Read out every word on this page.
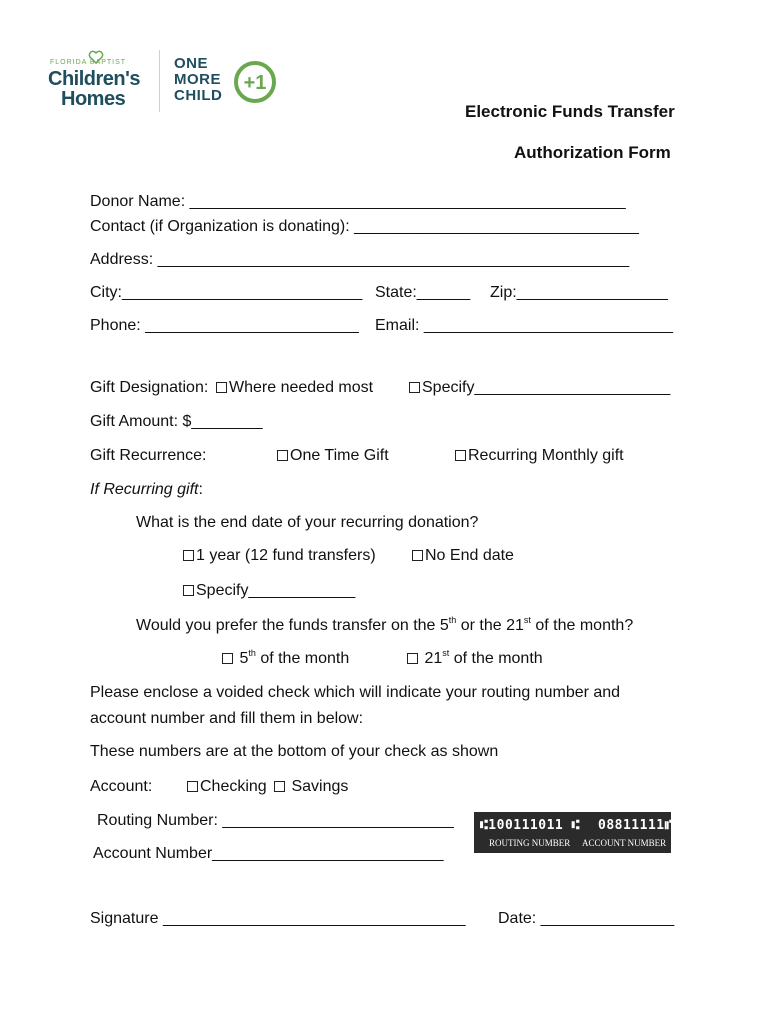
FLORIDA BAPTIST
Children's
Homes
ONE
MORE
CHILD
+1
Electronic Funds Transfer
Authorization Form
Donor Name: _________________________________________________
Contact (if Organization is donating): ________________________________
Address: _____________________________________________________
City:___________________________ State:______ Zip:_________________
Phone: ________________________ Email: ____________________________
Gift Designation:	Where needed most	Specify______________________
Gift Amount: $________
Gift Recurrence:	One Time Gift	Recurring Monthly gift
If Recurring gift:
What is the end date of your recurring donation?
1 year (12 fund transfers)	No End date
Specify____________
Would you prefer the funds transfer on the 5th or the 21st of the month?
5th of the month	21st of the month
Please enclose a voided check which will indicate your routing number and
account number and fill them in below:
These numbers are at the bottom of your check as shown
Account:	Checking	Savings
Routing Number: __________________________
Account Number__________________________
⑆100111011 ⑆ 08811111⑈
ROUTING NUMBER ACCOUNT NUMBER
Signature __________________________________ Date: _______________
